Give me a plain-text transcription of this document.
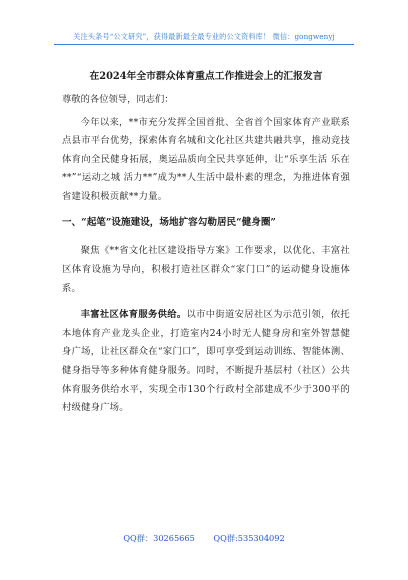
关注头条号“公文研究”，获得最新最全最专业的公文资料库！ 微信：gongwenyj
在2024年全市群众体育重点工作推进会上的汇报发言
尊敬的各位领导，同志们：
今年以来，**市充分发挥全国首批、全省首个国家体育产业联系点县市平台优势，探索体育名城和文化社区共建共融共享，推动竞技体育向全民健身拓展，奥运品质向全民共享延伸，让“乐享生活 乐在**”“运动之城 活力**”成为**人生活中最朴素的理念，为推进体育强省建设积极贡献**力量。
一、“起笔”设施建设，场地扩容勾勒居民“健身圈”
聚焦《**省文化社区建设指导方案》工作要求，以优化、丰富社区体育设施为导向，积极打造社区群众“家门口”的运动健身设施体系。
丰富社区体育服务供给。以市中街道安居社区为示范引领，依托本地体育产业龙头企业，打造室内24小时无人健身房和室外智慧健身广场，让社区群众在“家门口”，即可享受到运动训练、智能体测、健身指导等多种体育健身服务。同时，不断提升基层村（社区）公共体育服务供给水平，实现全市130个行政村全部建成不少于300平的村级健身广场。
QQ群：30265665 QQ群:535304092
